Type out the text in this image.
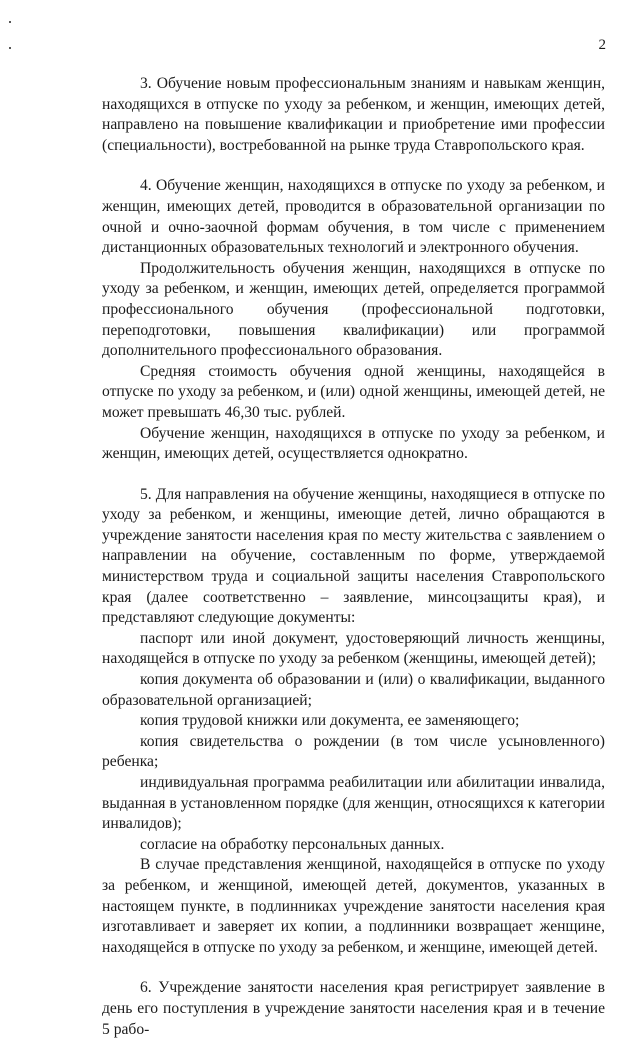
2

3. Обучение новым профессиональным знаниям и навыкам женщин, находящихся в отпуске по уходу за ребенком, и женщин, имеющих детей, направлено на повышение квалификации и приобретение ими профессии (специальности), востребованной на рынке труда Ставропольского края.

4. Обучение женщин, находящихся в отпуске по уходу за ребенком, и женщин, имеющих детей, проводится в образовательной организации по очной и очно-заочной формам обучения, в том числе с применением дистанционных образовательных технологий и электронного обучения.

Продолжительность обучения женщин, находящихся в отпуске по уходу за ребенком, и женщин, имеющих детей, определяется программой профессионального обучения (профессиональной подготовки, переподготовки, повышения квалификации) или программой дополнительного профессионального образования.

Средняя стоимость обучения одной женщины, находящейся в отпуске по уходу за ребенком, и (или) одной женщины, имеющей детей, не может превышать 46,30 тыс. рублей.

Обучение женщин, находящихся в отпуске по уходу за ребенком, и женщин, имеющих детей, осуществляется однократно.

5. Для направления на обучение женщины, находящиеся в отпуске по уходу за ребенком, и женщины, имеющие детей, лично обращаются в учреждение занятости населения края по месту жительства с заявлением о направлении на обучение, составленным по форме, утверждаемой министерством труда и социальной защиты населения Ставропольского края (далее соответственно – заявление, минсоцзащиты края), и представляют следующие документы:

паспорт или иной документ, удостоверяющий личность женщины, находящейся в отпуске по уходу за ребенком (женщины, имеющей детей);

копия документа об образовании и (или) о квалификации, выданного образовательной организацией;

копия трудовой книжки или документа, ее заменяющего;

копия свидетельства о рождении (в том числе усыновленного) ребенка;

индивидуальная программа реабилитации или абилитации инвалида, выданная в установленном порядке (для женщин, относящихся к категории инвалидов);

согласие на обработку персональных данных.

В случае представления женщиной, находящейся в отпуске по уходу за ребенком, и женщиной, имеющей детей, документов, указанных в настоящем пункте, в подлинниках учреждение занятости населения края изготавливает и заверяет их копии, а подлинники возвращает женщине, находящейся в отпуске по уходу за ребенком, и женщине, имеющей детей.

6. Учреждение занятости населения края регистрирует заявление в день его поступления в учреждение занятости населения края и в течение 5 рабо-
